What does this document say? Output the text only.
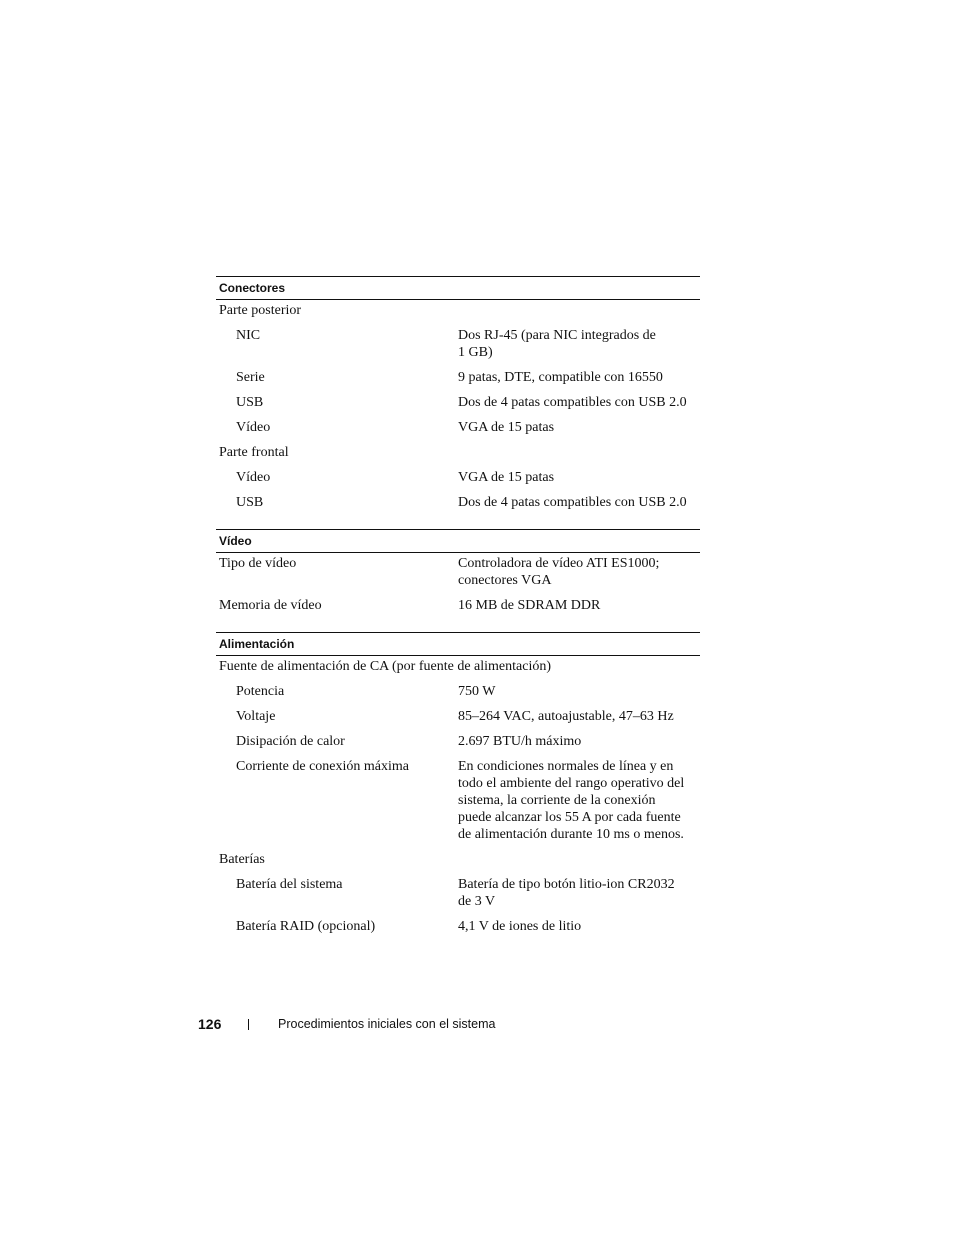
Conectores
Parte posterior
NIC	Dos RJ-45 (para NIC integrados de
1 GB)
Serie	9 patas, DTE, compatible con 16550
USB	Dos de 4 patas compatibles con USB 2.0
Vídeo	VGA de 15 patas
Parte frontal
Vídeo	VGA de 15 patas
USB	Dos de 4 patas compatibles con USB 2.0
Vídeo
Tipo de vídeo	Controladora de vídeo ATI ES1000;
conectores VGA
Memoria de vídeo	16 MB de SDRAM DDR
Alimentación
Fuente de alimentación de CA (por fuente de alimentación)
Potencia	750 W
Voltaje	85–264 VAC, autoajustable, 47–63 Hz
Disipación de calor	2.697 BTU/h máximo
Corriente de conexión máxima	En condiciones normales de línea y en
todo el ambiente del rango operativo del
sistema, la corriente de la conexión
puede alcanzar los 55 A por cada fuente
de alimentación durante 10 ms o menos.
Baterías
Batería del sistema	Batería de tipo botón litio-ion CR2032
de 3 V
Batería RAID (opcional)	4,1 V de iones de litio
126	Procedimientos iniciales con el sistema
